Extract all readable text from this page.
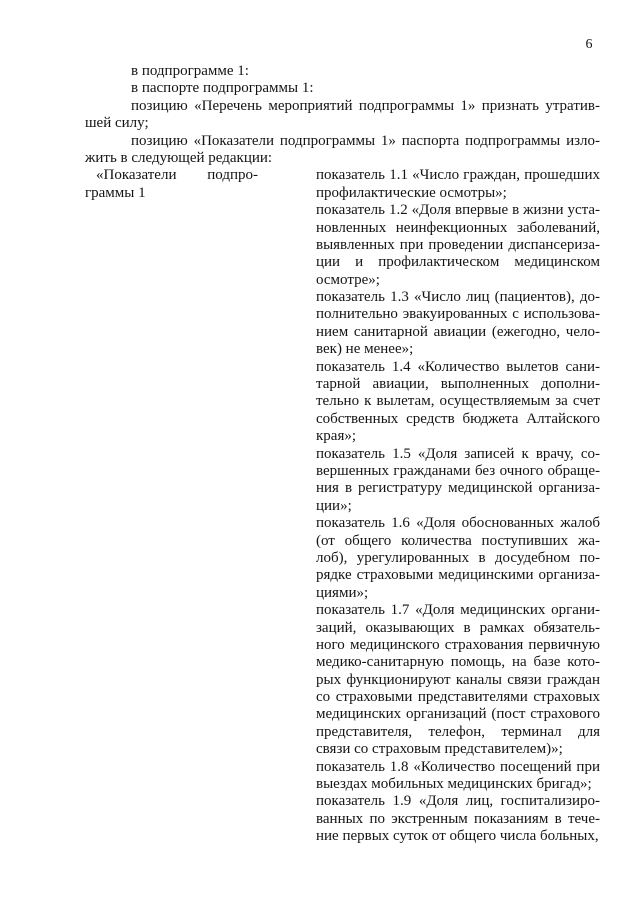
6
в подпрограмме 1:
в паспорте подпрограммы 1:
позицию «Перечень мероприятий подпрограммы 1» признать утратив-
шей силу;
позицию «Показатели подпрограммы 1» паспорта подпрограммы изло-
жить в следующей редакции:
«Показатели подпро-
граммы 1
показатель 1.1 «Число граждан, прошедших
профилактические осмотры»;
показатель 1.2 «Доля впервые в жизни уста-
новленных неинфекционных заболеваний,
выявленных при проведении диспансериза-
ции и профилактическом медицинском
осмотре»;
показатель 1.3 «Число лиц (пациентов), до-
полнительно эвакуированных с использова-
нием санитарной авиации (ежегодно, чело-
век) не менее»;
показатель 1.4 «Количество вылетов сани-
тарной авиации, выполненных дополни-
тельно к вылетам, осуществляемым за счет
собственных средств бюджета Алтайского
края»;
показатель 1.5 «Доля записей к врачу, со-
вершенных гражданами без очного обраще-
ния в регистратуру медицинской организа-
ции»;
показатель 1.6 «Доля обоснованных жалоб
(от общего количества поступивших жа-
лоб), урегулированных в досудебном по-
рядке страховыми медицинскими организа-
циями»;
показатель 1.7 «Доля медицинских органи-
заций, оказывающих в рамках обязатель-
ного медицинского страхования первичную
медико-санитарную помощь, на базе кото-
рых функционируют каналы связи граждан
со страховыми представителями страховых
медицинских организаций (пост страхового
представителя, телефон, терминал для
связи со страховым представителем)»;
показатель 1.8 «Количество посещений при
выездах мобильных медицинских бригад»;
показатель 1.9 «Доля лиц, госпитализиро-
ванных по экстренным показаниям в тече-
ние первых суток от общего числа больных,
